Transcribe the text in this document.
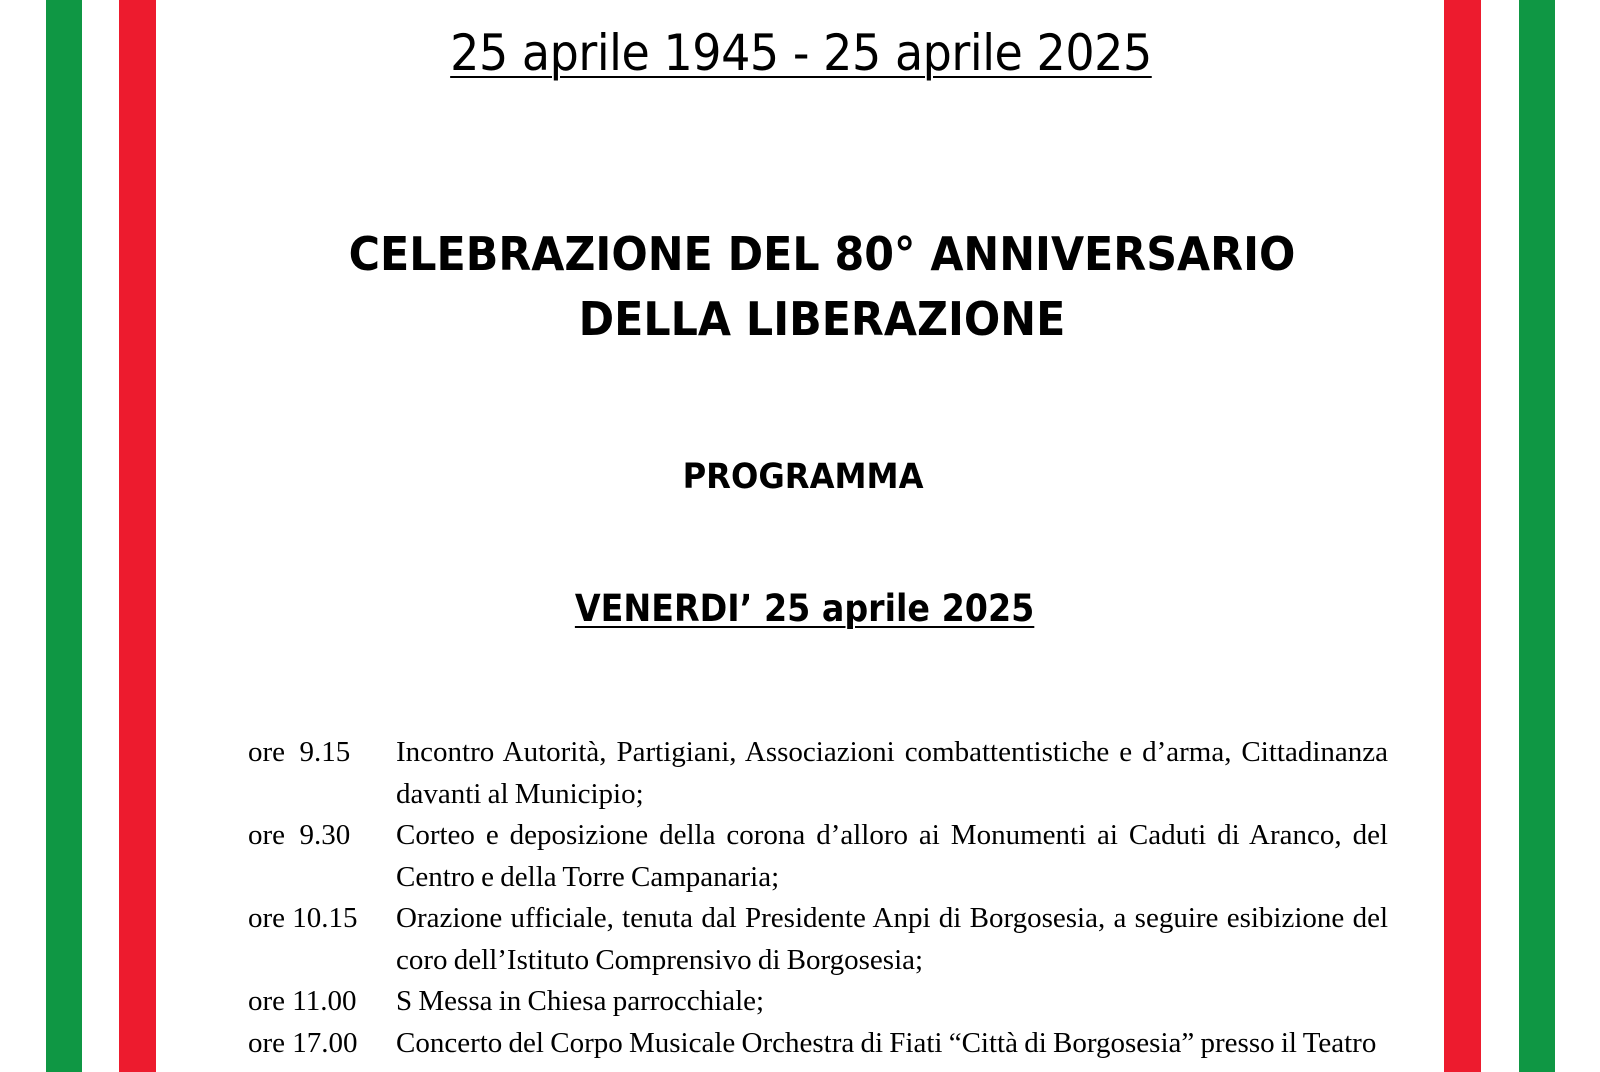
25 aprile 1945 - 25 aprile 2025
CELEBRAZIONE DEL 80° ANNIVERSARIO
DELLA LIBERAZIONE
PROGRAMMA
VENERDI’ 25 aprile 2025
ore  9.15	Incontro Autorità, Partigiani, Associazioni combattentistiche e d’arma, Cittadinanza davanti al Municipio;
ore  9.30	Corteo e deposizione della corona d’alloro ai Monumenti ai Caduti di Aranco, del Centro e della Torre Campanaria;
ore 10.15	Orazione ufficiale, tenuta dal Presidente Anpi di Borgosesia, a seguire esibizione del coro dell’Istituto Comprensivo di Borgosesia;
ore 11.00	S Messa in Chiesa parrocchiale;
ore 17.00	Concerto del Corpo Musicale Orchestra di Fiati “Città di Borgosesia” presso il Teatro
